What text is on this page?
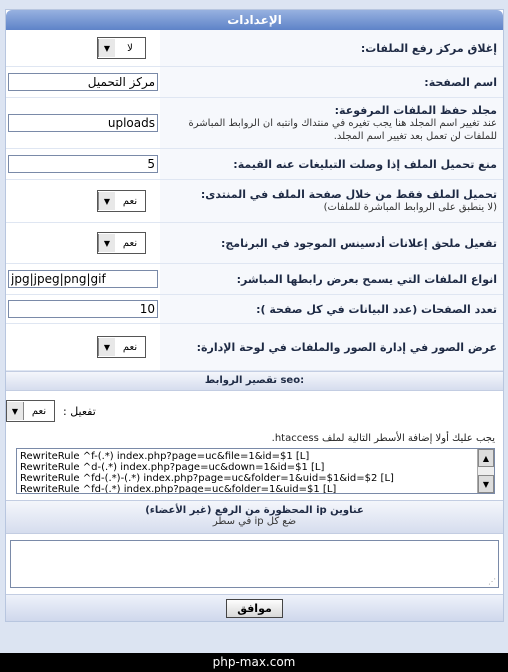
الإعدادات
إغلاق مركز رفع الملفات:
▼	لا
اسم الصفحة:
مركز التحميل
مجلد حفظ الملفات المرفوعة:
عند تغيير اسم المجلد هنا يجب تغيره في منتداك وانتبه ان الروابط المباشرة للملفات لن تعمل بعد تغيير اسم المجلد.
uploads
منع تحميل الملف إذا وصلت التبليغات عنه القيمة:
5
تحميل الملف فقط من خلال صفحة الملف في المنتدى:
(لا ينطبق على الروابط المباشرة للملفات)
▼	نعم
تفعيل ملحق إعلانات أدسينس الموجود في البرنامج:
▼	نعم
انواع الملفات التي يسمح بعرض رابطها المباشر:
jpg|jpeg|png|gif
تعدد الصفحات (عدد البيانات في كل صفحة ):
10
عرض الصور في إدارة الصور والملفات في لوحة الإدارة:
▼	نعم
تقصير الروابط seo:
تفعيل :
نعم
▼
يجب عليك أولا إضافة الأسطر التالية لملف htaccess.
RewriteRule ^f-(.*) index.php?page=uc&file=1&id=$1 [L]
RewriteRule ^d-(.*) index.php?page=uc&down=1&id=$1 [L]
RewriteRule ^fd-(.*)-(.*) index.php?page=uc&folder=1&uid=$1&id=$2 [L]
RewriteRule ^fd-(.*) index.php?page=uc&folder=1&uid=$1 [L]
▲
▼
عناوين ip المحظورة من الرفع (غير الأعضاء)
ضع كل ip في سطر
⋰
موافق
php-max.com
